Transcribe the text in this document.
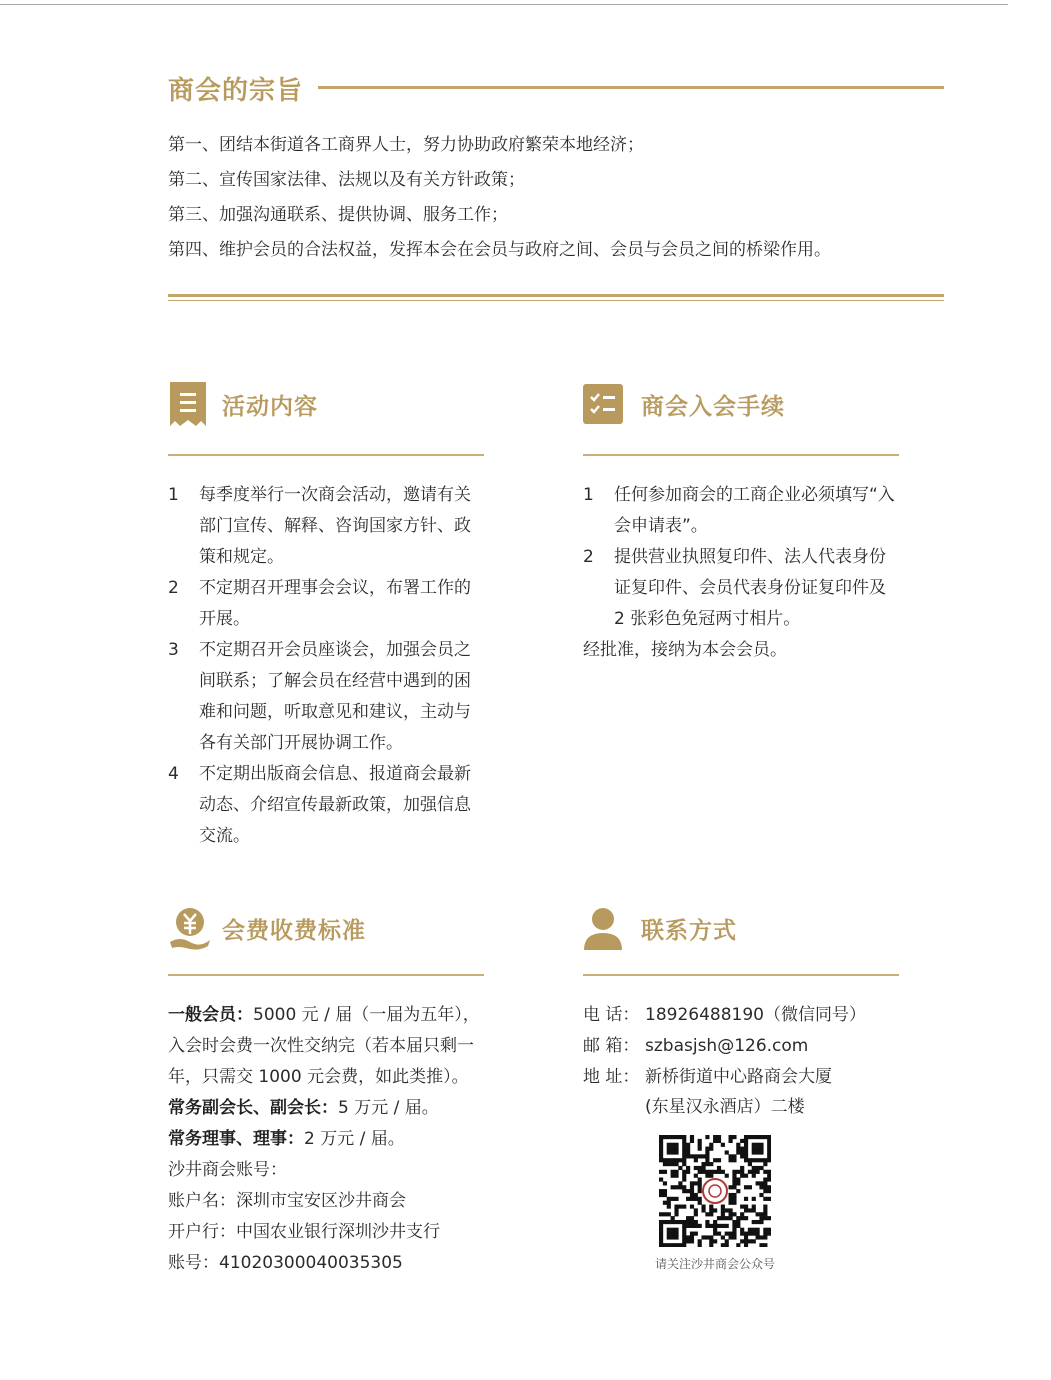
商会的宗旨
第一、团结本街道各工商界人士，努力协助政府繁荣本地经济；
第二、宣传国家法律、法规以及有关方针政策；
第三、加强沟通联系、提供协调、服务工作；
第四、维护会员的合法权益，发挥本会在会员与政府之间、会员与会员之间的桥梁作用。
活动内容
1 每季度举行一次商会活动，邀请有关
部门宣传、解释、咨询国家方针、政
策和规定。
2 不定期召开理事会会议，布署工作的
开展。
3 不定期召开会员座谈会，加强会员之
间联系；了解会员在经营中遇到的困
难和问题，听取意见和建议，主动与
各有关部门开展协调工作。
4 不定期出版商会信息、报道商会最新
动态、介绍宣传最新政策，加强信息
交流。
商会入会手续
1 任何参加商会的工商企业必须填写“入
会申请表”。
2 提供营业执照复印件、法人代表身份
证复印件、会员代表身份证复印件及
2 张彩色免冠两寸相片。
经批准，接纳为本会会员。
会费收费标准
一般会员：5000 元 / 届（一届为五年），
入会时会费一次性交纳完（若本届只剩一
年，只需交 1000 元会费，如此类推）。
常务副会长、副会长：5 万元 / 届。
常务理事、理事：2 万元 / 届。
沙井商会账号：
账户名：深圳市宝安区沙井商会
开户行：中国农业银行深圳沙井支行
账号：41020300040035305
联系方式
电 话： 18926488190（微信同号）
邮 箱： szbasjsh@126.com
地 址： 新桥街道中心路商会大厦
(东星汉永酒店）二楼
请关注沙井商会公众号
